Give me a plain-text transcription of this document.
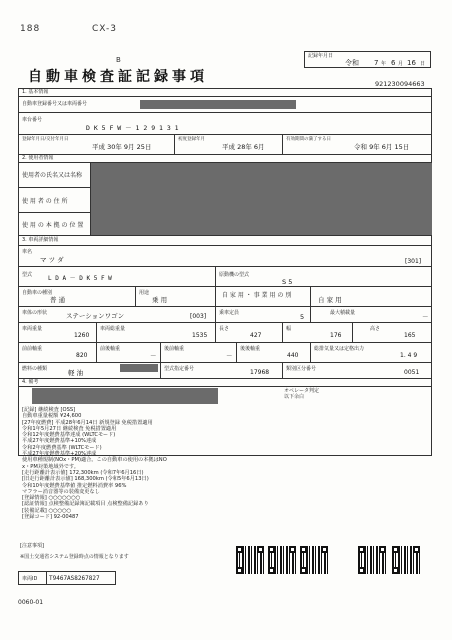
188	CX-3
B	記録年月日
令和 7 年 6 月 16 日
自動車検査証記録事項	921230094663
1. 基本情報
自動車登録番号又は車両番号
車台番号
D K 5 F W － 1 2 9 1 3 1
登録年月日/交付年月日
平成 30年 9月 25日
初度登録年月
平成 28年 6月
有効期間の満了する日
令和 9年 6月 15日
2. 使用者情報
使用者の氏名又は名称
使 用 者 の 住 所
使 用 の 本 拠 の 位 置
3. 車両詳細情報
車名
マ ツ ダ	[301]
型式	L D A － D K 5 F W	原動機の型式
S 5
自動車の種別
普 通
用途
乗 用
自 家 用 ・ 事 業 用 の 別
自 家 用
車体の形状	ステーションワゴン	[003]	乗車定員	5	最大積載量	－
車両重量
1260
車両総重量
1535
長さ
427
幅
176
高さ
165
前前軸重
820
前後軸重
－
後前軸重
－
後後軸重
440
総排気量又は定格出力
1. 4 9
燃料の種類	軽 油	型式指定番号	17968	類別区分番号	0051
4. 備考
オペレータ判定
以下余白
[記録] 継続検査 [OSS]
自動車重量税額 ¥24,600
[27年度燃費] 平成28年6月14日 新規登録 免税措置適用
令和1年5月27日 継続検査 免税措置適用
令和12年度燃費基準達成 (WLTCモード)
平成27年度燃費基準+10%達成
令和2年度燃費基準 (WLTCモード)
平成27年度燃費基準+20%達成
使用車種規制(NOx・PM)適合。この自動車の使用の本拠はNO
x・PM対策地域外です。
[走行距離計表示値] 172,300km (令和7年6月16日)
[旧走行距離計表示値] 168,300km (令和5年6月13日)
令和10年度燃費基準値 推定燃料消費率 96%
マフラー消音器等の装備変更なし
[登録情報] ○○○○○○○
[認証情報] 点検整備記録簿記載項目 点検整備記録あり
[装備記載] ○○○○○
[登録コード] 92-00487
[注意事項]
※国土交通省システム登録時点の情報となります
車両ID T9467AS8267827
0060-01
